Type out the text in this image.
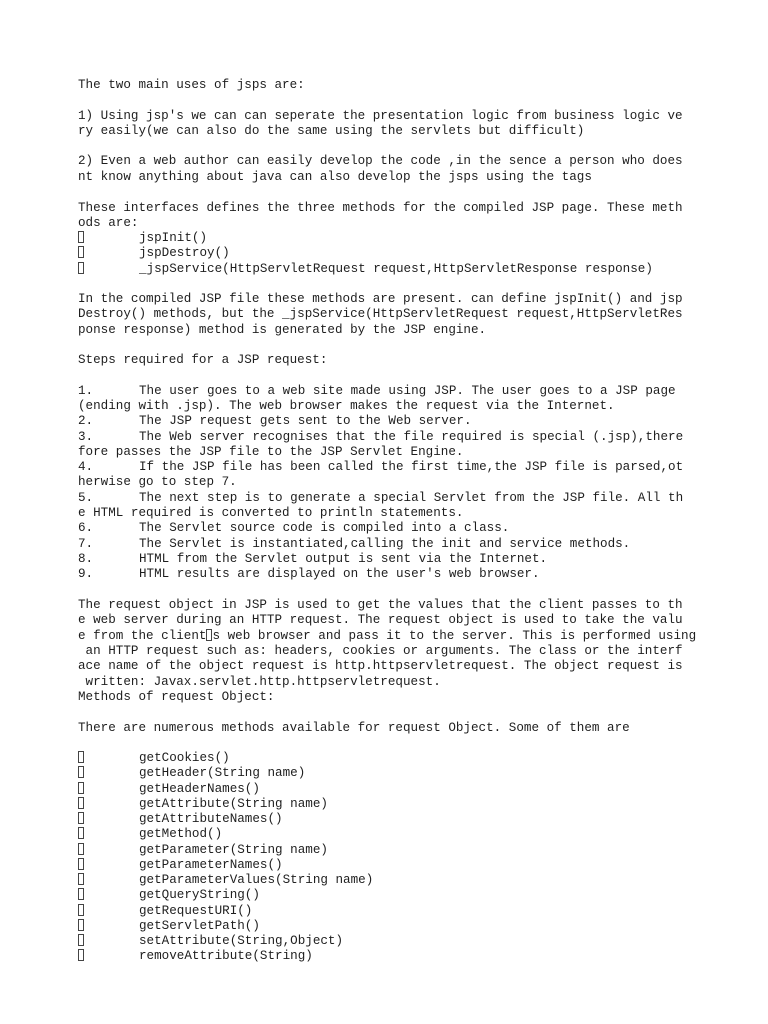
The two main uses of jsps are:
1) Using jsp's we can can seperate the presentation logic from business logic ve
ry easily(we can also do the same using the servlets but difficult)
2) Even a web author can easily develop the code ,in the sence a person who does
nt know anything about java can also develop the jsps using the tags
These interfaces defines the three methods for the compiled JSP page. These meth
ods are:
jspInit()
jspDestroy()
_jspService(HttpServletRequest request,HttpServletResponse response)
In the compiled JSP file these methods are present. can define jspInit() and jsp
Destroy() methods, but the _jspService(HttpServletRequest request,HttpServletRes
ponse response) method is generated by the JSP engine.
Steps required for a JSP request:
1.	The user goes to a web site made using JSP. The user goes to a JSP page
(ending with .jsp). The web browser makes the request via the Internet.
2.	The JSP request gets sent to the Web server.
3.	The Web server recognises that the file required is special (.jsp),there
fore passes the JSP file to the JSP Servlet Engine.
4.	If the JSP file has been called the first time,the JSP file is parsed,ot
herwise go to step 7.
5.	The next step is to generate a special Servlet from the JSP file. All th
e HTML required is converted to println statements.
6.	The Servlet source code is compiled into a class.
7.	The Servlet is instantiated,calling the init and service methods.
8.	HTML from the Servlet output is sent via the Internet.
9.	HTML results are displayed on the user's web browser.
The request object in JSP is used to get the values that the client passes to th
e web server during an HTTP request. The request object is used to take the valu
e from the client s web browser and pass it to the server. This is performed using
an HTTP request such as: headers, cookies or arguments. The class or the interf
ace name of the object request is http.httpservletrequest. The object request is
written: Javax.servlet.http.httpservletrequest.
Methods of request Object:
There are numerous methods available for request Object. Some of them are
getCookies()
getHeader(String name)
getHeaderNames()
getAttribute(String name)
getAttributeNames()
getMethod()
getParameter(String name)
getParameterNames()
getParameterValues(String name)
getQueryString()
getRequestURI()
getServletPath()
setAttribute(String,Object)
removeAttribute(String)
